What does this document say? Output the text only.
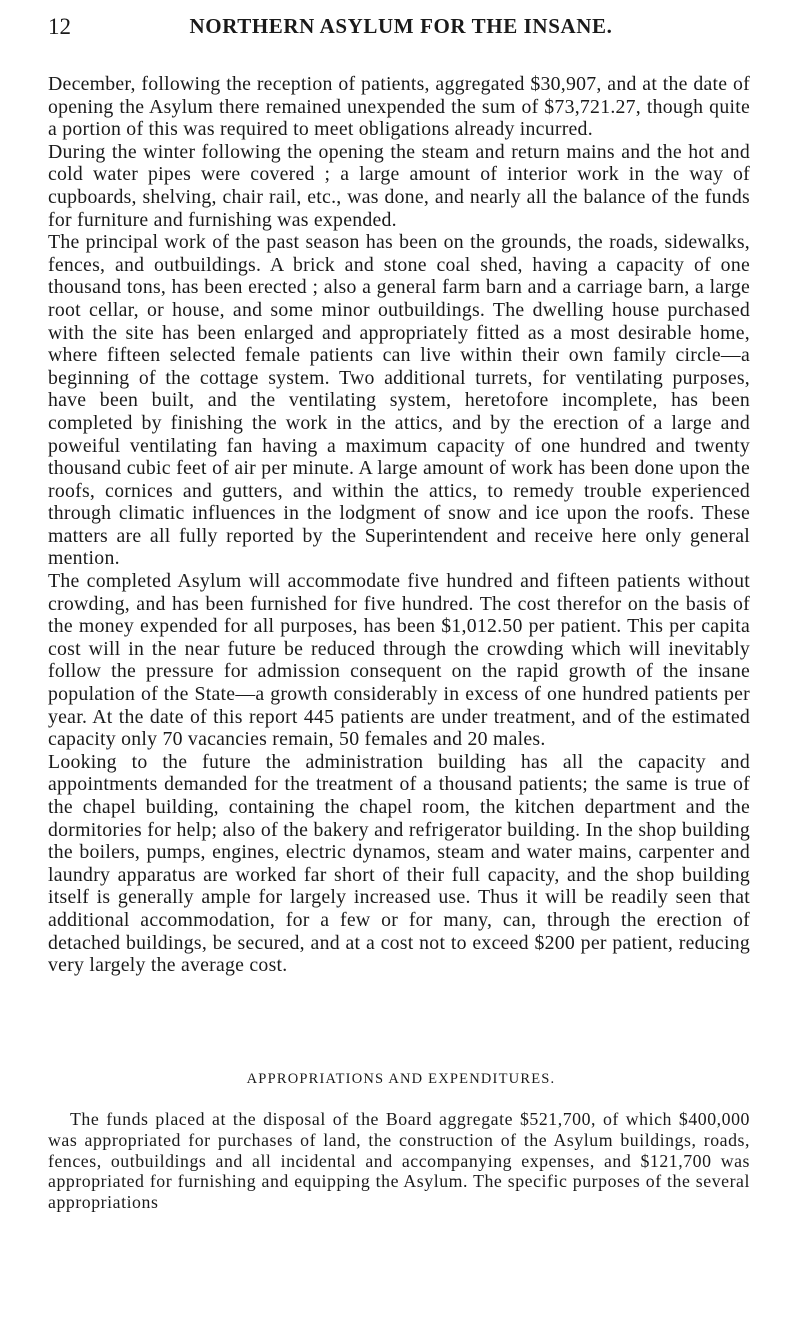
12	NORTHERN ASYLUM FOR THE INSANE.

December, following the reception of patients, aggregated $30,907, and at the date of opening the Asylum there remained unexpended the sum of $73,721.27, though quite a portion of this was required to meet obligations already incurred.

During the winter following the opening the steam and return mains and the hot and cold water pipes were covered ; a large amount of interior work in the way of cupboards, shelving, chair rail, etc., was done, and nearly all the balance of the funds for furniture and furnishing was expended.

The principal work of the past season has been on the grounds, the roads, sidewalks, fences, and outbuildings. A brick and stone coal shed, having a capacity of one thousand tons, has been erected ; also a general farm barn and a carriage barn, a large root cellar, or house, and some minor outbuildings. The dwelling house purchased with the site has been enlarged and appropriately fitted as a most desirable home, where fifteen selected female patients can live within their own family circle—a beginning of the cottage system. Two additional turrets, for ventilating purposes, have been built, and the ventilating system, heretofore incomplete, has been completed by finishing the work in the attics, and by the erection of a large and poweiful ventilating fan having a maximum capacity of one hundred and twenty thousand cubic feet of air per minute. A large amount of work has been done upon the roofs, cornices and gutters, and within the attics, to remedy trouble experienced through climatic influences in the lodgment of snow and ice upon the roofs. These matters are all fully reported by the Superintendent and receive here only general mention.

The completed Asylum will accommodate five hundred and fifteen patients without crowding, and has been furnished for five hundred. The cost therefor on the basis of the money expended for all purposes, has been $1,012.50 per patient. This per capita cost will in the near future be reduced through the crowding which will inevitably follow the pressure for admission consequent on the rapid growth of the insane population of the State—a growth considerably in excess of one hundred patients per year. At the date of this report 445 patients are under treatment, and of the estimated capacity only 70 vacancies remain, 50 females and 20 males.

Looking to the future the administration building has all the capacity and appointments demanded for the treatment of a thousand patients; the same is true of the chapel building, containing the chapel room, the kitchen department and the dormitories for help; also of the bakery and refrigerator building. In the shop building the boilers, pumps, engines, electric dynamos, steam and water mains, carpenter and laundry apparatus are worked far short of their full capacity, and the shop building itself is generally ample for largely increased use. Thus it will be readily seen that additional accommodation, for a few or for many, can, through the erection of detached buildings, be secured, and at a cost not to exceed $200 per patient, reducing very largely the average cost.

APPROPRIATIONS AND EXPENDITURES.

The funds placed at the disposal of the Board aggregate $521,700, of which $400,000 was appropriated for purchases of land, the construction of the Asylum buildings, roads, fences, outbuildings and all incidental and accompanying expenses, and $121,700 was appropriated for furnishing and equipping the Asylum. The specific purposes of the several appropriations
